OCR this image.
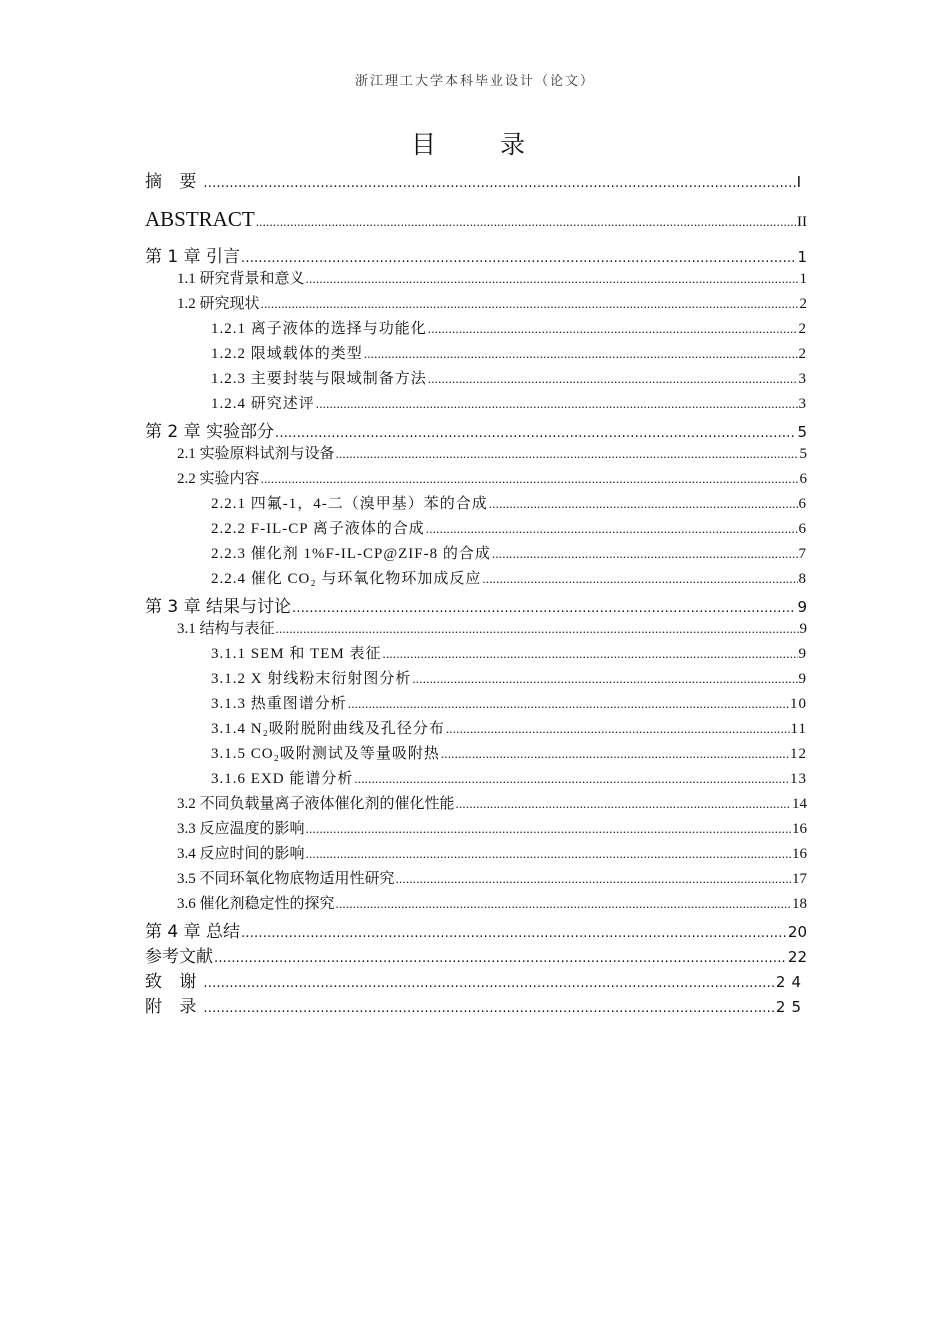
浙江理工大学本科毕业设计（论文）
目 录
摘 要 .....	I
ABSTRACT .....	II
第 1 章 引言 .....	1
1.1 研究背景和意义 .....	1
1.2 研究现状 .....	2
1.2.1 离子液体的选择与功能化 .....	2
1.2.2 限域载体的类型 .....	2
1.2.3 主要封装与限域制备方法 .....	3
1.2.4 研究述评 .....	3
第 2 章 实验部分 .....	5
2.1 实验原料试剂与设备 .....	5
2.2 实验内容 .....	6
2.2.1 四氟-1，4-二（溴甲基）苯的合成 .....	6
2.2.2 F-IL-CP 离子液体的合成 .....	6
2.2.3 催化剂 1%F-IL-CP@ZIF-8 的合成 .....	7
2.2.4 催化 CO₂ 与环氧化物环加成反应 .....	8
第 3 章 结果与讨论 .....	9
3.1 结构与表征 .....	9
3.1.1 SEM 和 TEM 表征 .....	9
3.1.2 X 射线粉末衍射图分析 .....	9
3.1.3 热重图谱分析 .....	10
3.1.4 N₂吸附脱附曲线及孔径分布 .....	11
3.1.5 CO₂吸附测试及等量吸附热 .....	12
3.1.6 EXD 能谱分析 .....	13
3.2 不同负载量离子液体催化剂的催化性能 .....	14
3.3 反应温度的影响 .....	16
3.4 反应时间的影响 .....	16
3.5 不同环氧化物底物适用性研究 .....	17
3.6 催化剂稳定性的探究 .....	18
第 4 章 总结 .....	20
参考文献 .....	22
致 谢 .....	24
附 录 .....	25
